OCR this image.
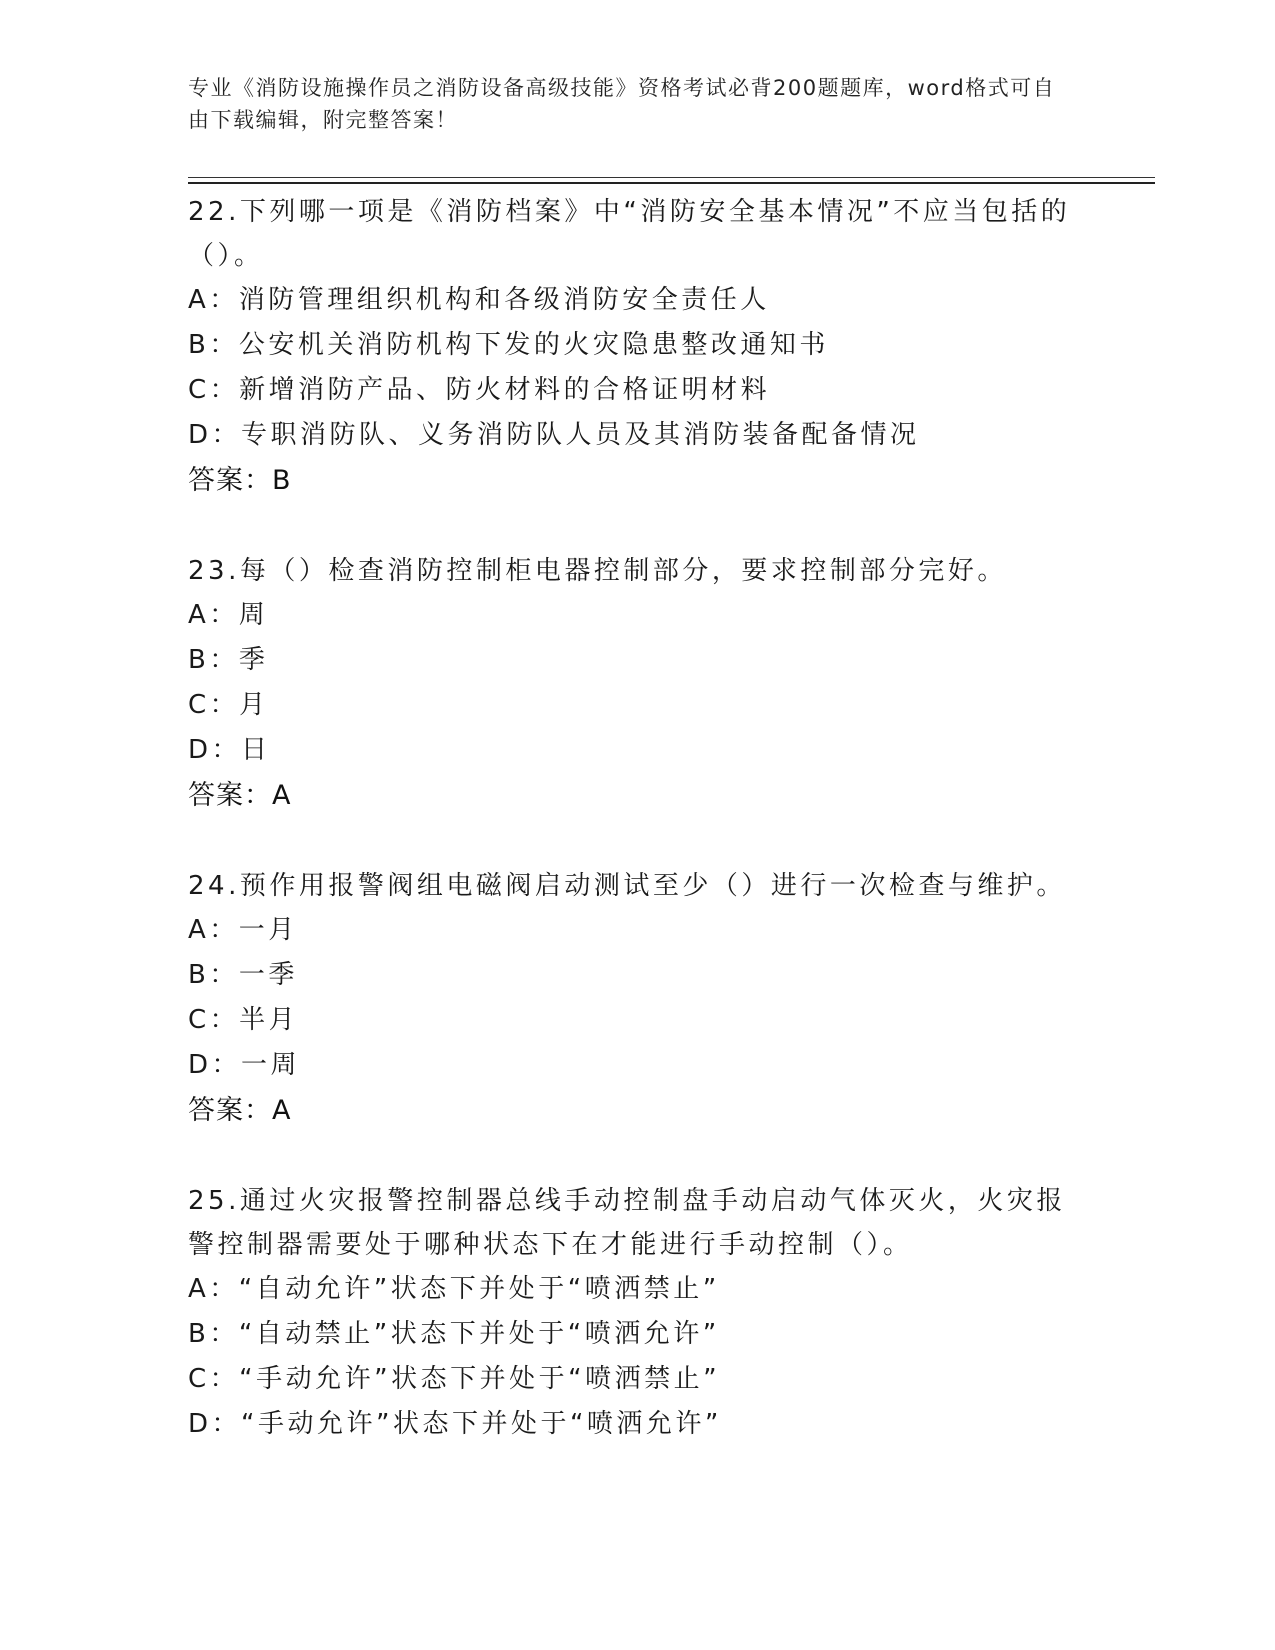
专业《消防设施操作员之消防设备高级技能》资格考试必背200题题库，word格式可自由下载编辑，附完整答案！

22.下列哪一项是《消防档案》中“消防安全基本情况”不应当包括的（）。

A：消防管理组织机构和各级消防安全责任人

B：公安机关消防机构下发的火灾隐患整改通知书

C：新增消防产品、防火材料的合格证明材料

D：专职消防队、义务消防队人员及其消防装备配备情况

答案：B

23.每（）检查消防控制柜电器控制部分，要求控制部分完好。

A：周

B：季

C：月

D：日

答案：A

24.预作用报警阀组电磁阀启动测试至少（）进行一次检查与维护。

A：一月

B：一季

C：半月

D：一周

答案：A

25.通过火灾报警控制器总线手动控制盘手动启动气体灭火，火灾报警控制器需要处于哪种状态下在才能进行手动控制（）。

A：“自动允许”状态下并处于“喷洒禁止”

B：“自动禁止”状态下并处于“喷洒允许”

C：“手动允许”状态下并处于“喷洒禁止”

D：“手动允许”状态下并处于“喷洒允许”
